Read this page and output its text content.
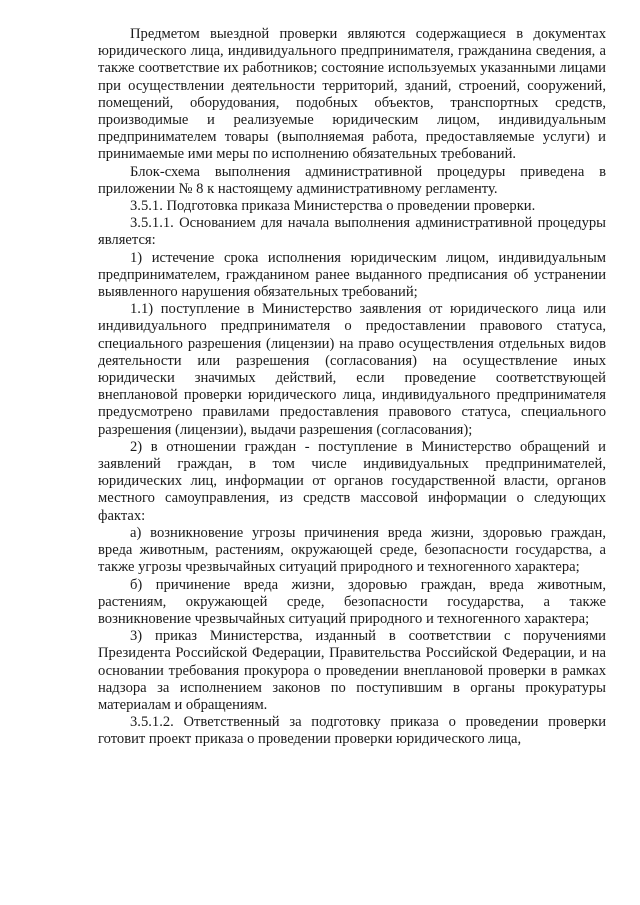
Предметом выездной проверки являются содержащиеся в документах юридического лица, индивидуального предпринимателя, гражданина сведения, а также соответствие их работников; состояние используемых указанными лицами при осуществлении деятельности территорий, зданий, строений, сооружений, помещений, оборудования, подобных объектов, транспортных средств, производимые и реализуемые юридическим лицом, индивидуальным предпринимателем товары (выполняемая работа, предоставляемые услуги) и принимаемые ими меры по исполнению обязательных требований.

Блок-схема выполнения административной процедуры приведена в приложении № 8 к настоящему административному регламенту.

3.5.1. Подготовка приказа Министерства о проведении проверки.

3.5.1.1. Основанием для начала выполнения административной процедуры является:

1) истечение срока исполнения юридическим лицом, индивидуальным предпринимателем, гражданином ранее выданного предписания об устранении выявленного нарушения обязательных требований;

1.1) поступление в Министерство заявления от юридического лица или индивидуального предпринимателя о предоставлении правового статуса, специального разрешения (лицензии) на право осуществления отдельных видов деятельности или разрешения (согласования) на осуществление иных юридически значимых действий, если проведение соответствующей внеплановой проверки юридического лица, индивидуального предпринимателя предусмотрено правилами предоставления правового статуса, специального разрешения (лицензии), выдачи разрешения (согласования);

2) в отношении граждан - поступление в Министерство обращений и заявлений граждан, в том числе индивидуальных предпринимателей, юридических лиц, информации от органов государственной власти, органов местного самоуправления, из средств массовой информации о следующих фактах:

а) возникновение угрозы причинения вреда жизни, здоровью граждан, вреда животным, растениям, окружающей среде, безопасности государства, а также угрозы чрезвычайных ситуаций природного и техногенного характера;

б) причинение вреда жизни, здоровью граждан, вреда животным, растениям, окружающей среде, безопасности государства, а также возникновение чрезвычайных ситуаций природного и техногенного характера;

3) приказ Министерства, изданный в соответствии с поручениями Президента Российской Федерации, Правительства Российской Федерации, и на основании требования прокурора о проведении внеплановой проверки в рамках надзора за исполнением законов по поступившим в органы прокуратуры материалам и обращениям.

3.5.1.2. Ответственный за подготовку приказа о проведении проверки готовит проект приказа о проведении проверки юридического лица,
